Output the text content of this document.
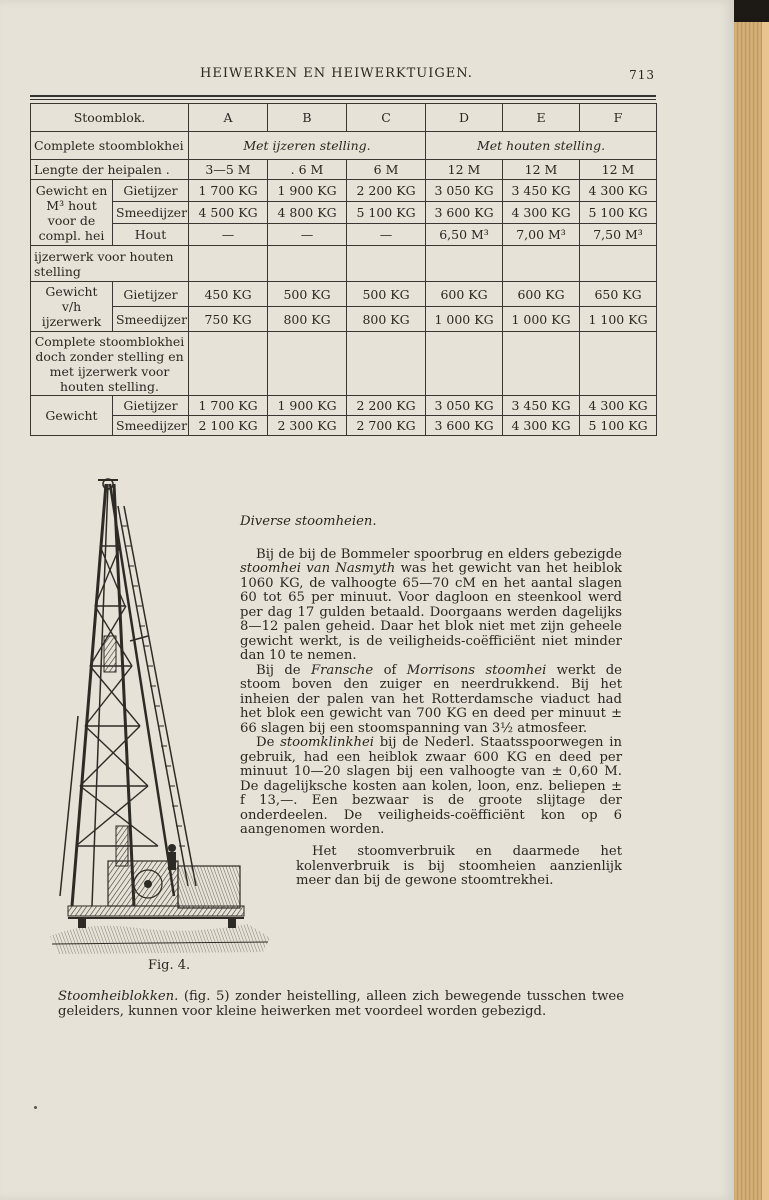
HEIWERKEN EN HEIWERKTUIGEN.	713
Stoomblok.		A	B	C	D	E	F
Complete stoomblokhei		Met ijzeren stelling.			Met houten stelling.		
Lengte der heipalen .		3—5 M	. 6 M	6 M	12 M	12 M	12 M
Gewicht en M³ hout voor de compl. hei	Gietijzer	1 700 KG	1 900 KG	2 200 KG	3 050 KG	3 450 KG	4 300 KG
	Smeedijzer	4 500 KG	4 800 KG	5 100 KG	3 600 KG	4 300 KG	5 100 KG
	Hout	—	—	—	6,50 M³	7,00 M³	7,50 M³
ijzerwerk voor houten stelling							
Gewicht v/h ijzerwerk	Gietijzer	450 KG	500 KG	500 KG	600 KG	600 KG	650 KG
	Smeedijzer	750 KG	800 KG	800 KG	1 000 KG	1 000 KG	1 100 KG
Complete stoomblokhei doch zonder stelling en met ijzerwerk voor houten stelling.							
Gewicht	Gietijzer	1 700 KG	1 900 KG	2 200 KG	3 050 KG	3 450 KG	4 300 KG
	Smeedijzer	2 100 KG	2 300 KG	2 700 KG	3 600 KG	4 300 KG	5 100 KG
Fig. 4.

Diverse stoomheien.

Bij de bij de Bommeler spoorbrug en elders gebezigde stoomhei van Nasmyth was het gewicht van het heiblok 1060 KG, de valhoogte 65—70 cM en het aantal slagen 60 tot 65 per minuut. Voor dagloon en steenkool werd per dag 17 gulden betaald. Doorgaans werden dagelijks 8—12 palen geheid. Daar het blok niet met zijn geheele gewicht werkt, is de veiligheids-coëfficiënt niet minder dan 10 te nemen.

Bij de Fransche of Morrisons stoomhei werkt de stoom boven den zuiger en neerdrukkend. Bij het inheien der palen van het Rotterdamsche viaduct had het blok een gewicht van 700 KG en deed per minuut ± 66 slagen bij een stoomspanning van 3½ atmosfeer.

De stoomklinkhei bij de Nederl. Staatsspoorwegen in gebruik, had een heiblok zwaar 600 KG en deed per minuut 10—20 slagen bij een valhoogte van ± 0,60 M. De dagelijksche kosten aan kolen, loon, enz. beliepen ± f 13,—. Een bezwaar is de groote slijtage der onderdeelen. De veiligheids-coëfficiënt kon op 6 aangenomen worden.

Het stoomverbruik en daarmede het kolenverbruik is bij stoomheien aanzienlijk meer dan bij de gewone stoomtrekhei.

Stoomheiblokken. (fig. 5) zonder heistelling, alleen zich bewegende tusschen twee geleiders, kunnen voor kleine heiwerken met voordeel worden gebezigd.
